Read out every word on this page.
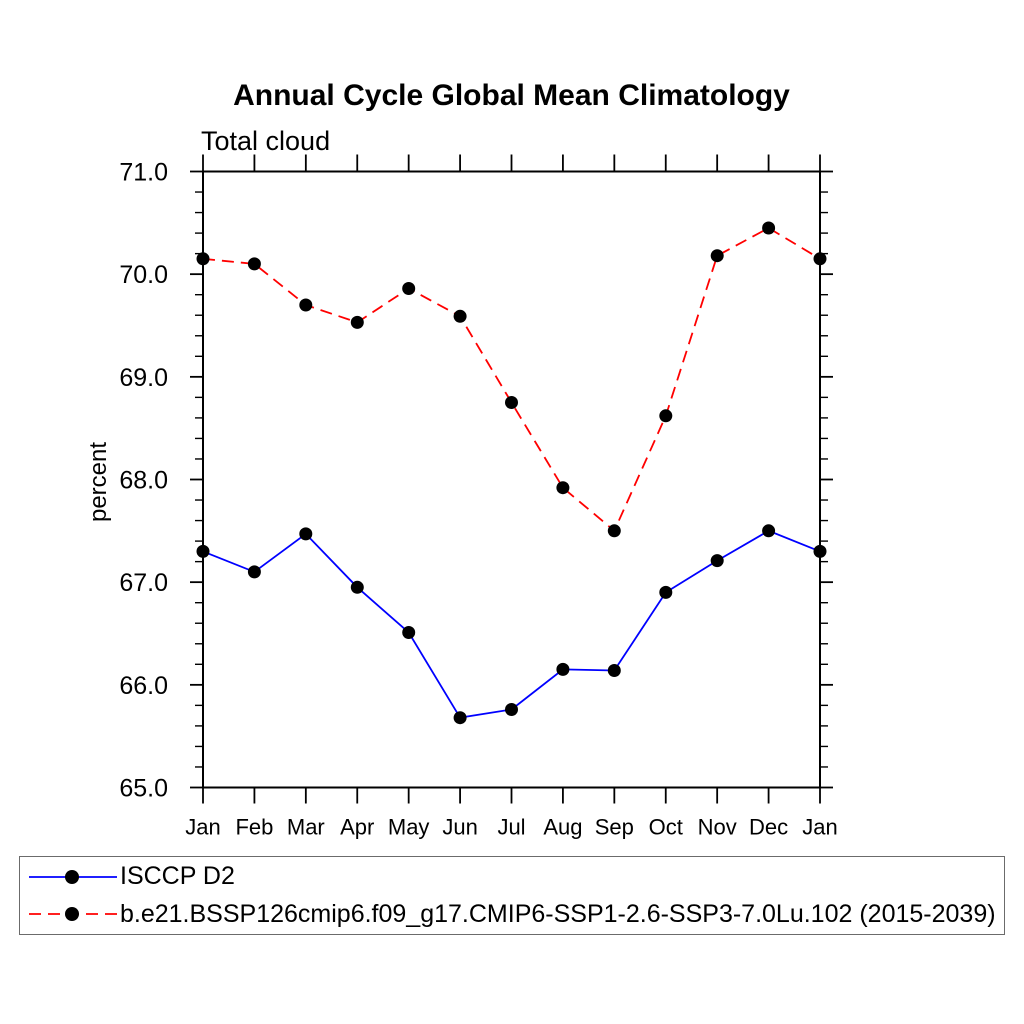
Annual Cycle Global Mean Climatology
Total cloud
percent
65.0
66.0
67.0
68.0
69.0
70.0
71.0
Jan Feb Mar Apr May Jun Jul Aug Sep Oct Nov Dec Jan
ISCCP D2
b.e21.BSSP126cmip6.f09_g17.CMIP6-SSP1-2.6-SSP3-7.0Lu.102 (2015-2039)
